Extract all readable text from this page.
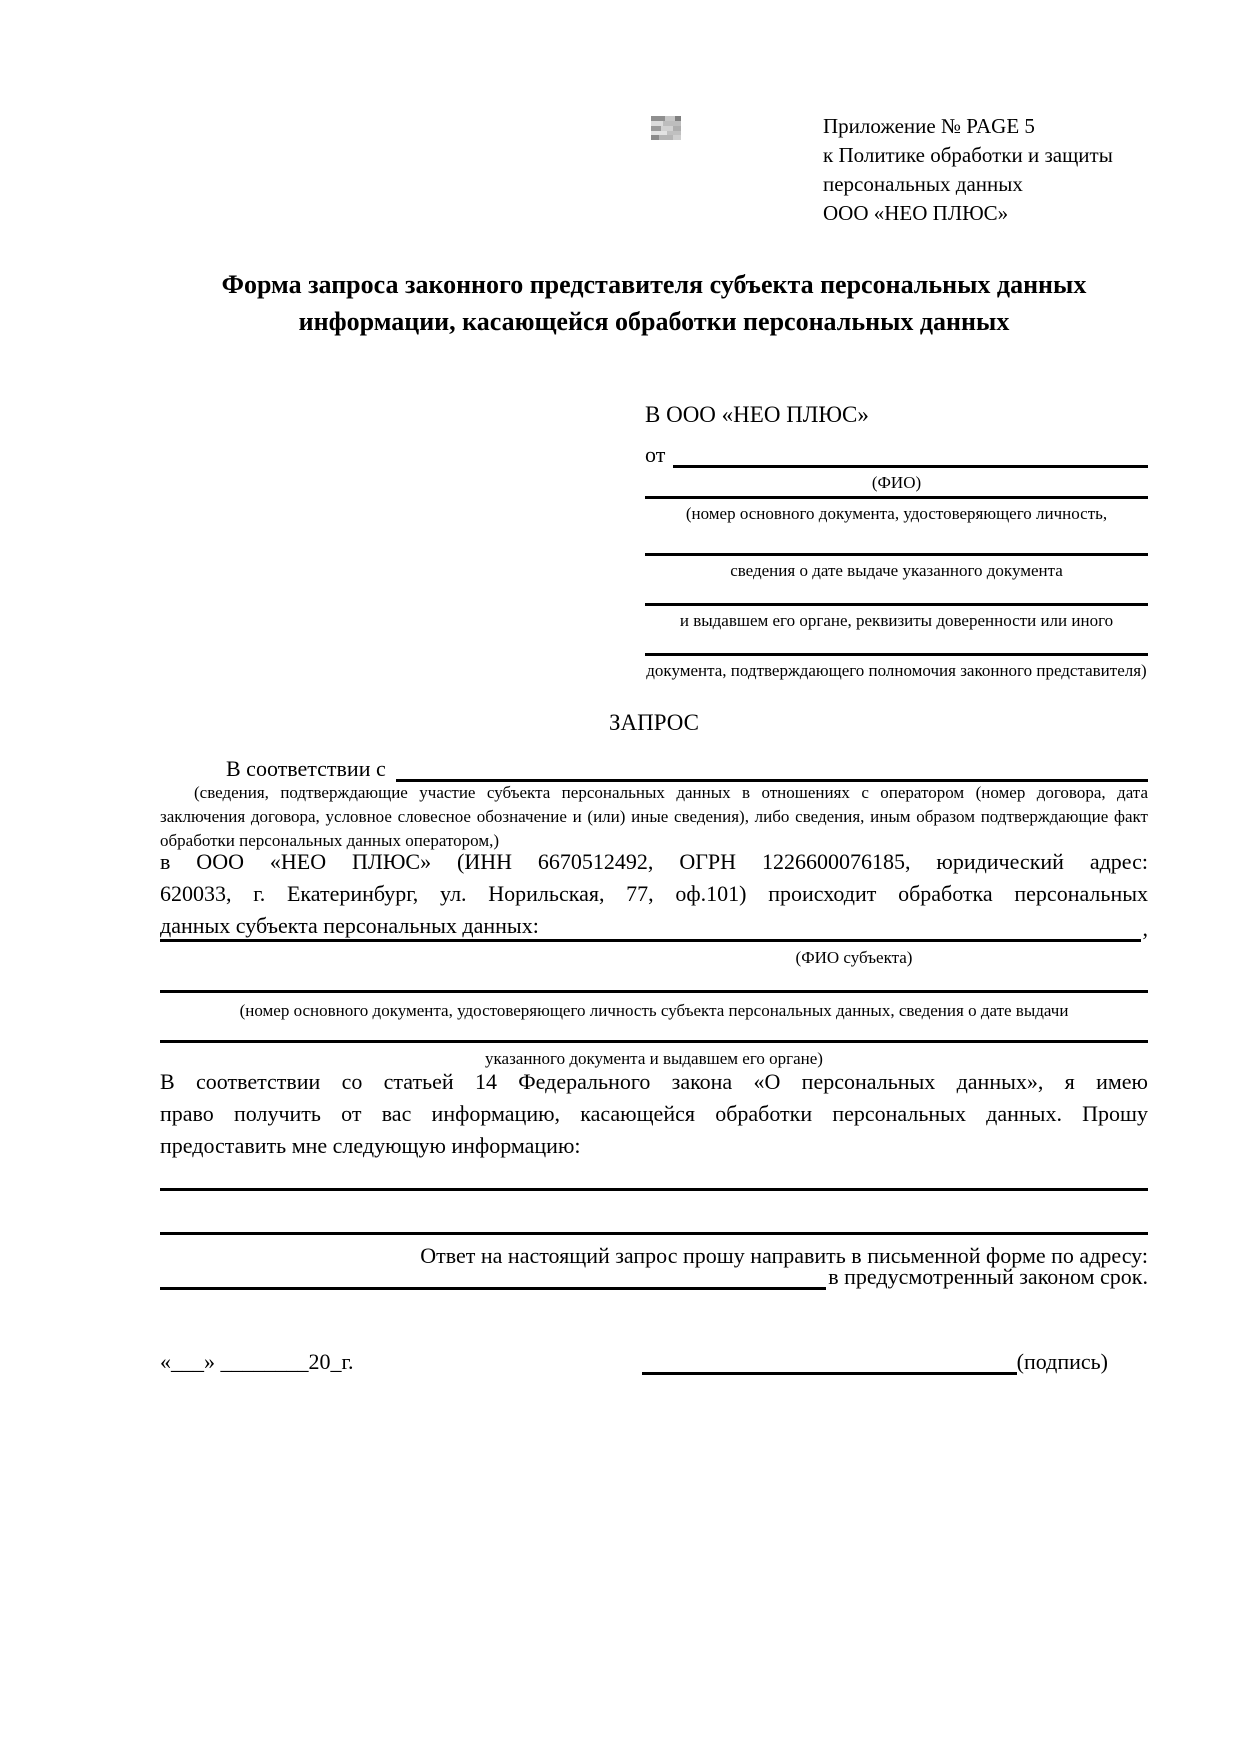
Приложение № PAGE 5
к Политике обработки и защиты
персональных данных
ООО «НЕО ПЛЮС»
Форма запроса законного представителя субъекта персональных данных
информации, касающейся обработки персональных данных
В ООО «НЕО ПЛЮС»
от
(ФИО)
(номер основного документа, удостоверяющего личность,
сведения о дате выдаче указанного документа
и выдавшем его органе, реквизиты доверенности или иного
документа, подтверждающего полномочия законного представителя)
ЗАПРОС
В соответствии с
(сведения, подтверждающие участие субъекта персональных данных в отношениях с оператором (номер договора, дата
заключения договора, условное словесное обозначение и (или) иные сведения), либо сведения, иным образом подтверждающие факт
обработки персональных данных оператором,)
в ООО «НЕО ПЛЮС» (ИНН 6670512492, ОГРН 1226600076185, юридический адрес:
620033, г. Екатеринбург, ул. Норильская, 77, оф.101) происходит обработка персональных
данных субъекта персональных данных:	,
(ФИО субъекта)
(номер основного документа, удостоверяющего личность субъекта персональных данных, сведения о дате выдачи
указанного документа и выдавшем его органе)
В соответствии со статьей 14 Федерального закона «О персональных данных», я имею
право получить от вас информацию, касающейся обработки персональных данных. Прошу
предоставить мне следующую информацию:
Ответ на настоящий запрос прошу направить в письменной форме по адресу:
в предусмотренный законом срок.
«___» ________20_г.	(подпись)
